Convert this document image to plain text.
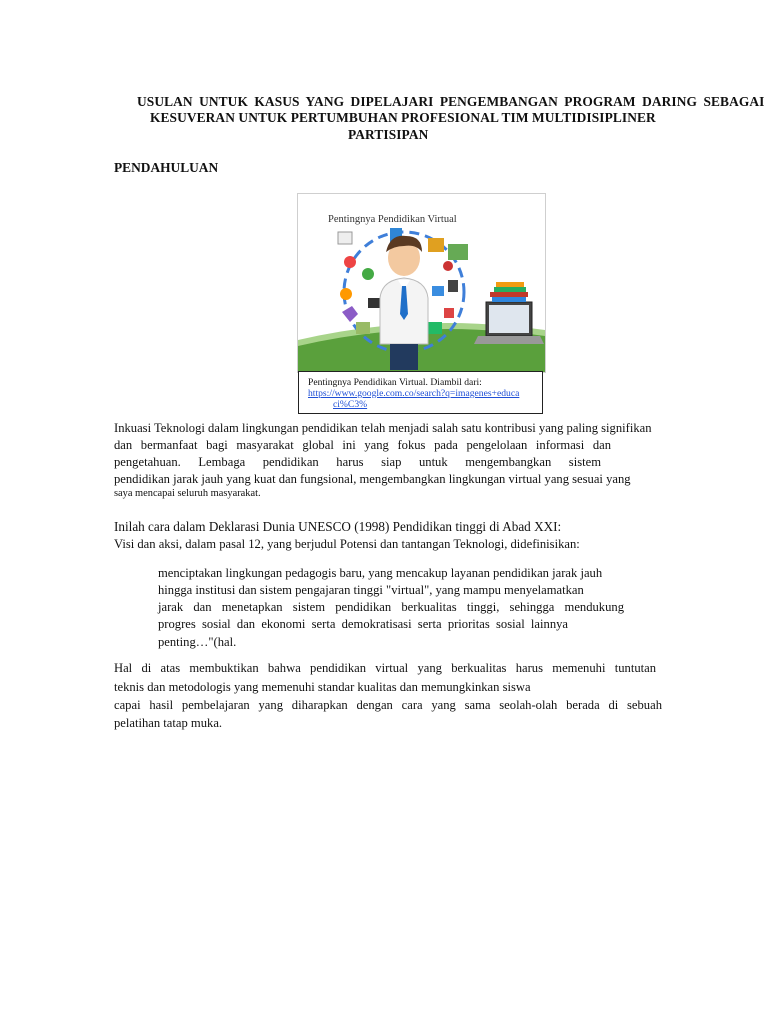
USULAN UNTUK KASUS YANG DIPELAJARI PENGEMBANGAN PROGRAM DARING SEBAGAI
KESUVERAN UNTUK PERTUMBUHAN PROFESIONAL TIM MULTIDISIPLINER
PARTISIPAN
PENDAHULUAN
Pentingnya Pendidikan Virtual
Pentingnya Pendidikan Virtual. Diambil dari:
https://www.google.com.co/search?q=imagenes+educa
ci%C3%
Inkuasi Teknologi dalam lingkungan pendidikan telah menjadi salah satu kontribusi yang paling signifikan
dan bermanfaat bagi masyarakat global ini yang fokus pada pengelolaan informasi dan
pengetahuan. Lembaga pendidikan harus siap untuk mengembangkan sistem
pendidikan jarak jauh yang kuat dan fungsional, mengembangkan lingkungan virtual yang sesuai yang
saya mencapai seluruh masyarakat.
Inilah cara dalam Deklarasi Dunia UNESCO (1998) Pendidikan tinggi di Abad XXI:
Visi dan aksi, dalam pasal 12, yang berjudul Potensi dan tantangan Teknologi, didefinisikan:
menciptakan lingkungan pedagogis baru, yang mencakup layanan pendidikan jarak jauh
hingga institusi dan sistem pengajaran tinggi "virtual", yang mampu menyelamatkan
jarak dan menetapkan sistem pendidikan berkualitas tinggi, sehingga mendukung
progres sosial dan ekonomi serta demokratisasi serta prioritas sosial lainnya
penting…"(hal.
Hal di atas membuktikan bahwa pendidikan virtual yang berkualitas harus memenuhi tuntutan
teknis dan metodologis yang memenuhi standar kualitas dan memungkinkan siswa
capai hasil pembelajaran yang diharapkan dengan cara yang sama seolah-olah berada di sebuah
pelatihan tatap muka.
